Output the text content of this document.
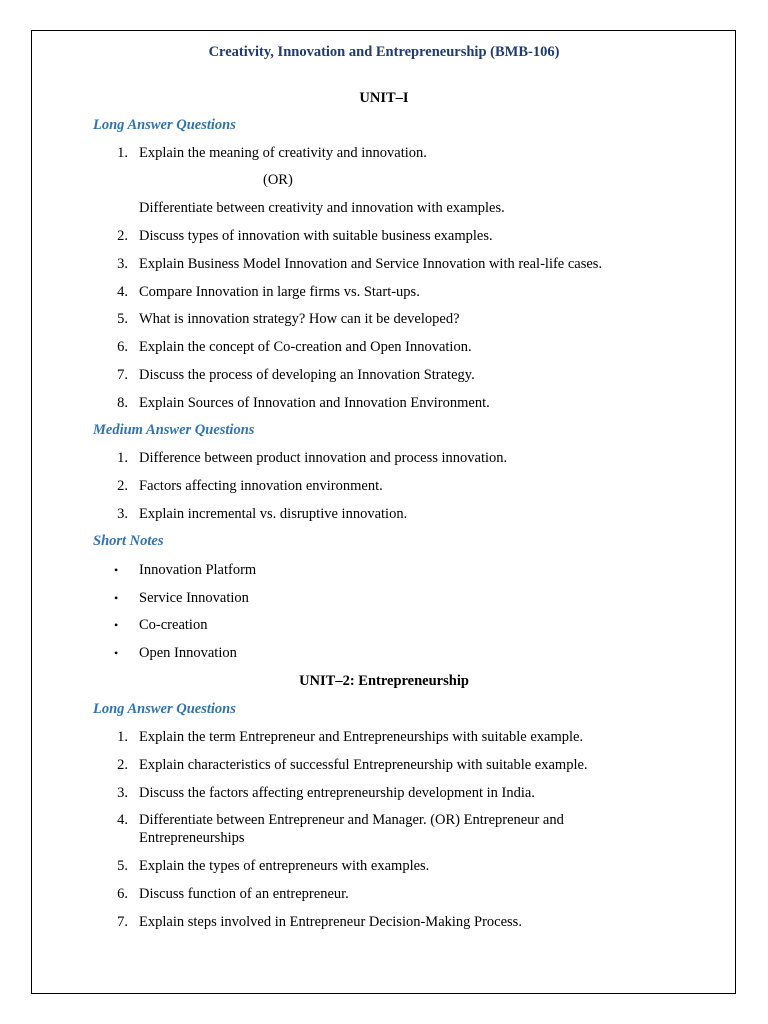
Creativity, Innovation and Entrepreneurship (BMB-106)
UNIT–I
Long Answer Questions
1. Explain the meaning of creativity and innovation.
(OR)
Differentiate between creativity and innovation with examples.
2. Discuss types of innovation with suitable business examples.
3. Explain Business Model Innovation and Service Innovation with real-life cases.
4. Compare Innovation in large firms vs. Start-ups.
5. What is innovation strategy? How can it be developed?
6. Explain the concept of Co-creation and Open Innovation.
7. Discuss the process of developing an Innovation Strategy.
8. Explain Sources of Innovation and Innovation Environment.
Medium Answer Questions
1. Difference between product innovation and process innovation.
2. Factors affecting innovation environment.
3. Explain incremental vs. disruptive innovation.
Short Notes
• Innovation Platform
• Service Innovation
• Co-creation
• Open Innovation
UNIT–2: Entrepreneurship
Long Answer Questions
1. Explain the term Entrepreneur and Entrepreneurships with suitable example.
2. Explain characteristics of successful Entrepreneurship with suitable example.
3. Discuss the factors affecting entrepreneurship development in India.
4. Differentiate between Entrepreneur and Manager. (OR) Entrepreneur and Entrepreneurships
5. Explain the types of entrepreneurs with examples.
6. Discuss function of an entrepreneur.
7. Explain steps involved in Entrepreneur Decision-Making Process.
